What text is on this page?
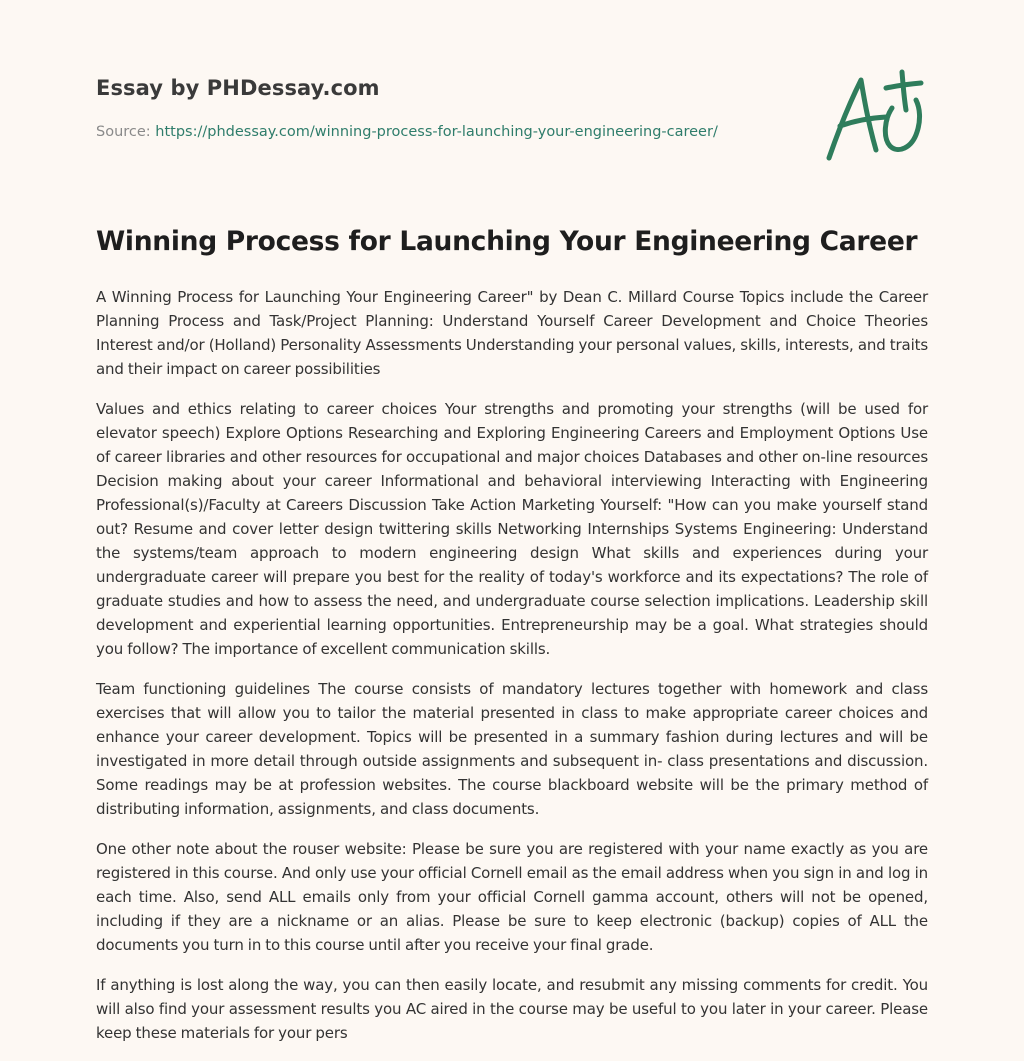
Essay by PHDessay.com
Source: https://phdessay.com/winning-process-for-launching-your-engineering-career/
Winning Process for Launching Your Engineering Career

A Winning Process for Launching Your Engineering Career" by Dean C. Millard Course Topics include the Career Planning Process and Task/Project Planning: Understand Yourself Career Development and Choice Theories Interest and/or (Holland) Personality Assessments Understanding your personal values, skills, interests, and traits and their impact on career possibilities

Values and ethics relating to career choices Your strengths and promoting your strengths (will be used for elevator speech) Explore Options Researching and Exploring Engineering Careers and Employment Options Use of career libraries and other resources for occupational and major choices Databases and other on-line resources Decision making about your career Informational and behavioral interviewing Interacting with Engineering Professional(s)/Faculty at Careers Discussion Take Action Marketing Yourself: "How can you make yourself stand out? Resume and cover letter design twittering skills Networking Internships Systems Engineering: Understand the systems/team approach to modern engineering design What skills and experiences during your undergraduate career will prepare you best for the reality of today's workforce and its expectations? The role of graduate studies and how to assess the need, and undergraduate course selection implications. Leadership skill development and experiential learning opportunities. Entrepreneurship may be a goal. What strategies should you follow? The importance of excellent communication skills.

Team functioning guidelines The course consists of mandatory lectures together with homework and class exercises that will allow you to tailor the material presented in class to make appropriate career choices and enhance your career development. Topics will be presented in a summary fashion during lectures and will be investigated in more detail through outside assignments and subsequent in- class presentations and discussion. Some readings may be at profession websites. The course blackboard website will be the primary method of distributing information, assignments, and class documents.

One other note about the rouser website: Please be sure you are registered with your name exactly as you are registered in this course. And only use your official Cornell email as the email address when you sign in and log in each time. Also, send ALL emails only from your official Cornell gamma account, others will not be opened, including if they are a nickname or an alias. Please be sure to keep electronic (backup) copies of ALL the documents you turn in to this course until after you receive your final grade.

If anything is lost along the way, you can then easily locate, and resubmit any missing comments for credit. You will also find your assessment results you AC aired in the course may be useful to you later in your career. Please keep these materials for your pers
